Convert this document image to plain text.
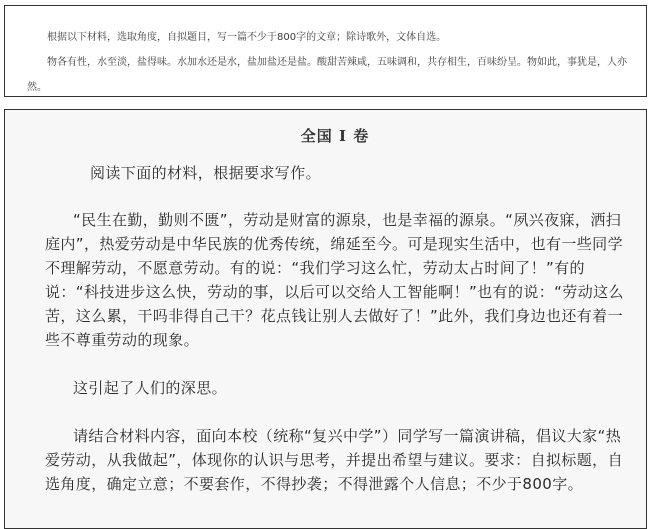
根据以下材料，选取角度，自拟题目，写一篇不少于800字的文章；除诗歌外，文体自选。

物各有性，水至淡，盐得味。水加水还是水，盐加盐还是盐。酸甜苦辣咸，五味调和，共存相生，百味纷呈。物如此，事犹是，人亦然。

全国 I 卷

阅读下面的材料，根据要求写作。

“民生在勤，勤则不匮”，劳动是财富的源泉，也是幸福的源泉。“夙兴夜寐，洒扫庭内”，热爱劳动是中华民族的优秀传统，绵延至今。可是现实生活中，也有一些同学不理解劳动，不愿意劳动。有的说：“我们学习这么忙，劳动太占时间了！”有的说：“科技进步这么快，劳动的事，以后可以交给人工智能啊！”也有的说：“劳动这么苦，这么累，干吗非得自己干？花点钱让别人去做好了！”此外，我们身边也还有着一些不尊重劳动的现象。

这引起了人们的深思。

请结合材料内容，面向本校（统称“复兴中学”）同学写一篇演讲稿，倡议大家“热爱劳动，从我做起”，体现你的认识与思考，并提出希望与建议。要求：自拟标题，自选角度，确定立意；不要套作，不得抄袭；不得泄露个人信息；不少于800字。
